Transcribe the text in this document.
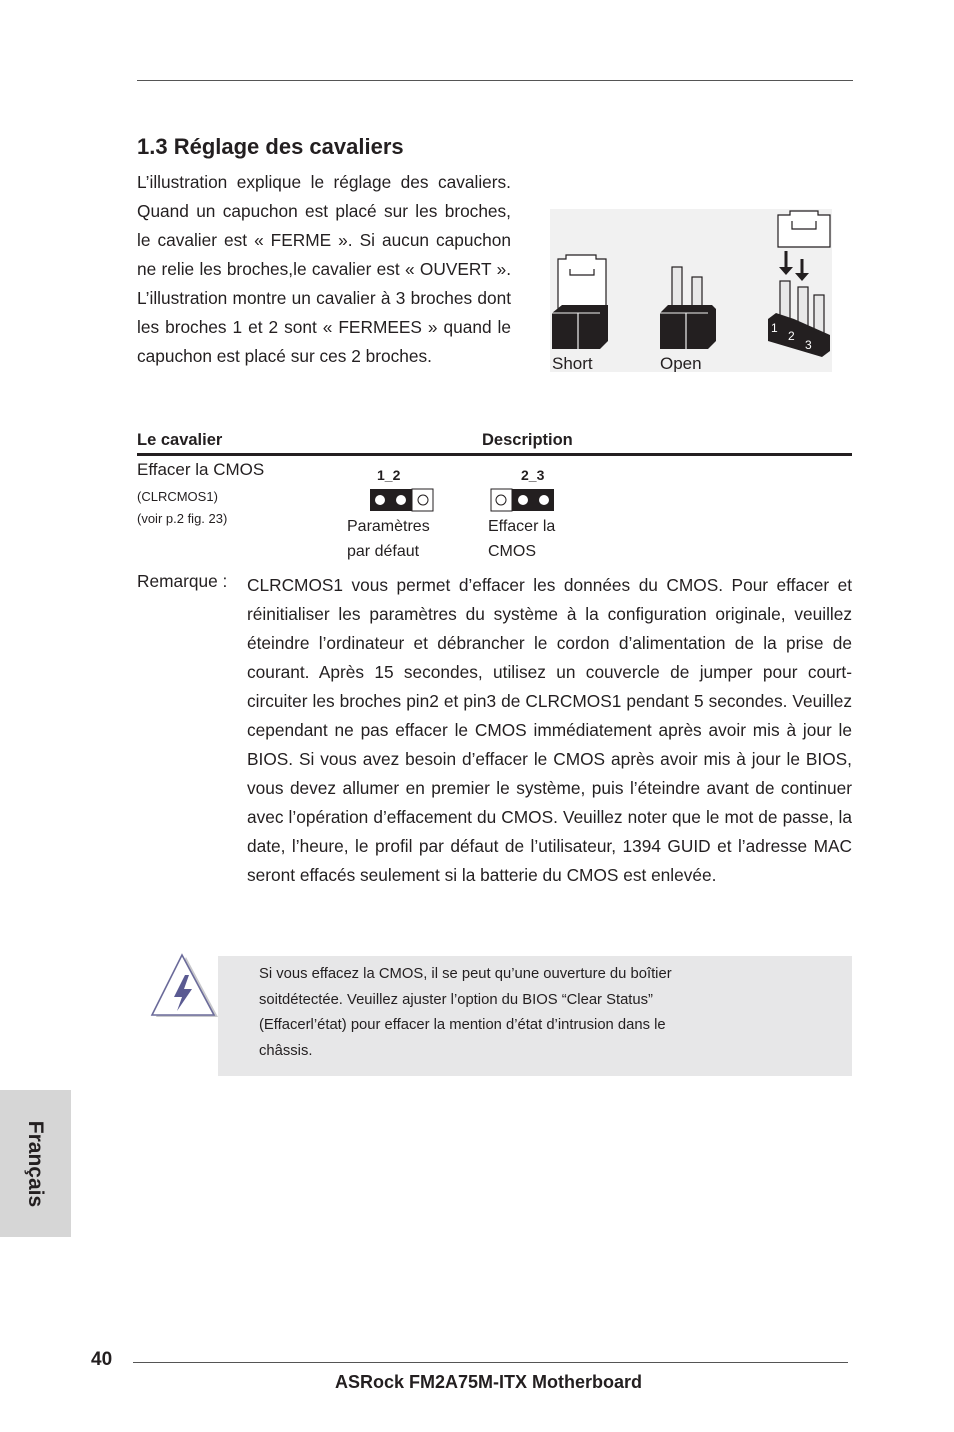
1.3 Réglage des cavaliers
L’illustration explique le réglage des cavaliers. Quand un capuchon est placé sur les broches, le cavalier est « FERME ». Si aucun capuchon ne relie les broches,le cavalier est « OUVERT ». L’illustration montre un cavalier à 3 broches dont les broches 1 et 2 sont « FERMEES » quand le capuchon est placé sur ces 2 broches.
1
2
3
Short	Open
Le cavalier	Description
Effacer la CMOS
(CLRCMOS1)
(voir p.2 fig. 23)
1_2
Paramètres
par défaut
2_3
Effacer la
CMOS
Remarque : CLRCMOS1 vous permet d’effacer les données du CMOS. Pour effacer et réinitialiser les paramètres du système à la configuration originale, veuillez éteindre l’ordinateur et débrancher le cordon d’alimentation de la prise de courant. Après 15 secondes, utilisez un couvercle de jumper pour court-circuiter les broches pin2 et pin3 de CLRCMOS1 pendant 5 secondes. Veuillez cependant ne pas effacer le CMOS immédiatement après avoir mis à jour le BIOS. Si vous avez besoin d’effacer le CMOS après avoir mis à jour le BIOS, vous devez allumer en premier le système, puis l’éteindre avant de continuer avec l’opération d’effacement du CMOS. Veuillez noter que le mot de passe, la date, l’heure, le profil par défaut de l’utilisateur, 1394 GUID et l’adresse MAC seront effacés seulement si la batterie du CMOS est enlevée.
Si vous effacez la CMOS, il se peut qu’une ouverture du boîtier
soitdétectée. Veuillez ajuster l’option du BIOS “Clear Status”
(Effacerl’état) pour effacer la mention d’état d’intrusion dans le
châssis.
Français
40
ASRock FM2A75M-ITX Motherboard
